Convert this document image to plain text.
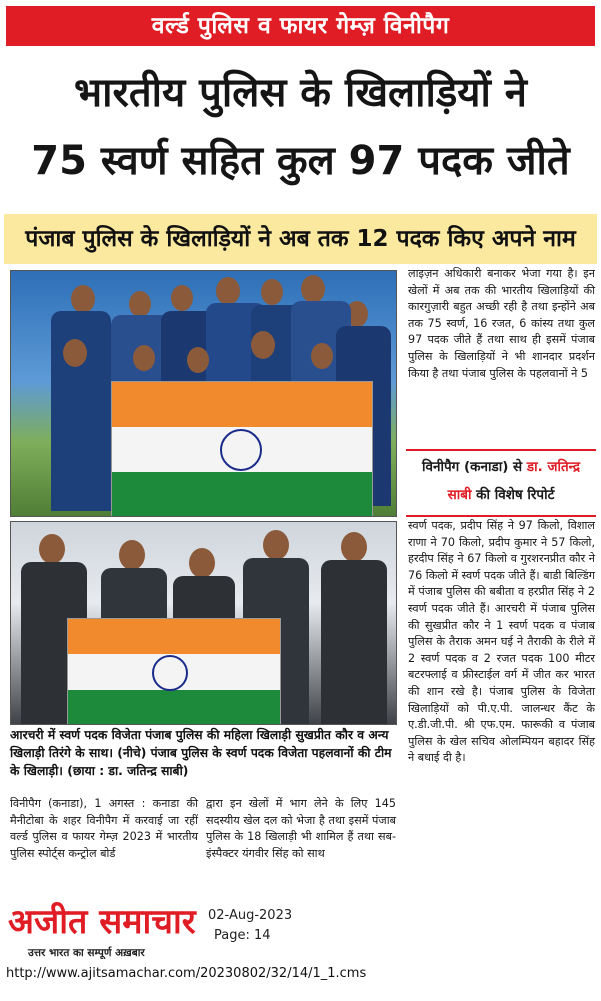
वर्ल्ड पुलिस व फायर गेम्ज़ विनीपैग
भारतीय पुलिस के खिलाड़ियों ने
75 स्वर्ण सहित कुल 97 पदक जीते
पंजाब पुलिस के खिलाड़ियों ने अब तक 12 पदक किए अपने नाम
आरचरी में स्वर्ण पदक विजेता पंजाब पुलिस की महिला खिलाड़ी सुखप्रीत कौर व अन्य खिलाड़ी तिरंगे के साथ। (नीचे) पंजाब पुलिस के स्वर्ण पदक विजेता पहलवानों की टीम के खिलाड़ी। (छाया : डा. जतिन्द्र साबी)
विनीपैग (कनाडा), 1 अगस्त : कनाडा की मैनीटोबा के शहर विनीपैग में करवाई जा रहीं वर्ल्ड पुलिस व फायर गेम्ज़ 2023 में भारतीय पुलिस स्पोर्ट्स कन्ट्रोल बोर्ड
द्वारा इन खेलों में भाग लेने के लिए 145 सदस्यीय खेल दल को भेजा है तथा इसमें पंजाब पुलिस के 18 खिलाड़ी भी शामिल हैं तथा सब-इंस्पैक्टर यंगवीर सिंह को साथ
लाइज़न अधिकारी बनाकर भेजा गया है। इन खेलों में अब तक की भारतीय खिलाड़ियों की कारगुज़ारी बहुत अच्छी रही है तथा इन्होंने अब तक 75 स्वर्ण, 16 रजत, 6 कांस्य तथा कुल 97 पदक जीते हैं तथा साथ ही इसमें पंजाब पुलिस के खिलाड़ियों ने भी शानदार प्रदर्शन किया है तथा पंजाब पुलिस के पहलवानों ने 5
विनीपैग (कनाडा) से डा. जतिन्द्र
साबी की विशेष रिपोर्ट
स्वर्ण पदक, प्रदीप सिंह ने 97 किलो, विशाल राणा ने 70 किलो, प्रदीप कुमार ने 57 किलो, हरदीप सिंह ने 67 किलो व गुरशरनप्रीत कौर ने 76 किलो में स्वर्ण पदक जीते हैं। बाडी बिल्डिंग में पंजाब पुलिस की बबीता व हरप्रीत सिंह ने 2 स्वर्ण पदक जीते हैं। आरचरी में पंजाब पुलिस की सुखप्रीत कौर ने 1 स्वर्ण पदक व पंजाब पुलिस के तैराक अमन घई ने तैराकी के रीले में 2 स्वर्ण पदक व 2 रजत पदक 100 मीटर बटरफ्लाई व फ्रीस्टाईल वर्ग में जीत कर भारत की शान रखे है। पंजाब पुलिस के विजेता खिलाड़ियों को पी.ए.पी. जालन्धर कैंट के ए.डी.जी.पी. श्री एफ.एम. फारूकी व पंजाब पुलिस के खेल सचिव ओलम्पियन बहादर सिंह ने बधाई दी है।
अजीत समाचार
उत्तर भारत का सम्पूर्ण अख़बार
02-Aug-2023
Page: 14
http://www.ajitsamachar.com/20230802/32/14/1_1.cms
